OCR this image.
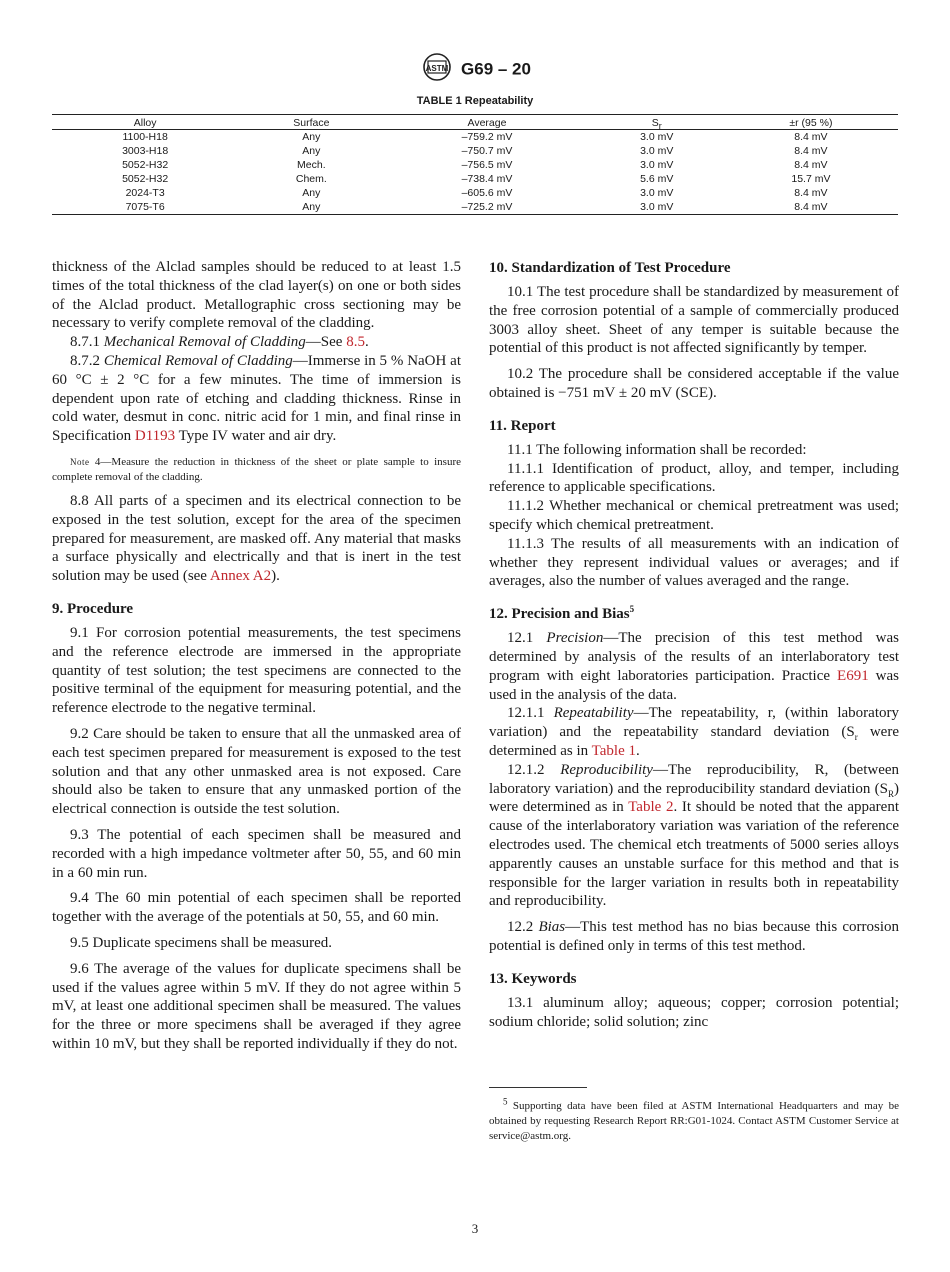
ASTM G69 – 20
TABLE 1 Repeatability
Alloy	Surface	Average	$S_r$	±r (95 %)
1100-H18	Any	–759.2 mV	3.0 mV	8.4 mV
3003-H18	Any	–750.7 mV	3.0 mV	8.4 mV
5052-H32	Mech.	–756.5 mV	3.0 mV	8.4 mV
5052-H32	Chem.	–738.4 mV	5.6 mV	15.7 mV
2024-T3	Any	–605.6 mV	3.0 mV	8.4 mV
7075-T6	Any	–725.2 mV	3.0 mV	8.4 mV

thickness of the Alclad samples should be reduced to at least 1.5 times of the total thickness of the clad layer(s) on one or both sides of the Alclad product. Metallographic cross sectioning may be necessary to verify complete removal of the cladding.

8.7.1 Mechanical Removal of Cladding—See 8.5.

8.7.2 Chemical Removal of Cladding—Immerse in 5 % NaOH at 60 °C ± 2 °C for a few minutes. The time of immersion is dependent upon rate of etching and cladding thickness. Rinse in cold water, desmut in conc. nitric acid for 1 min, and final rinse in Specification D1193 Type IV water and air dry.

Note 4—Measure the reduction in thickness of the sheet or plate sample to insure complete removal of the cladding.

8.8 All parts of a specimen and its electrical connection to be exposed in the test solution, except for the area of the specimen prepared for measurement, are masked off. Any material that masks a surface physically and electrically and that is inert in the test solution may be used (see Annex A2).

9. Procedure

9.1 For corrosion potential measurements, the test specimens and the reference electrode are immersed in the appropriate quantity of test solution; the test specimens are connected to the positive terminal of the equipment for measuring potential, and the reference electrode to the negative terminal.

9.2 Care should be taken to ensure that all the unmasked area of each test specimen prepared for measurement is exposed to the test solution and that any other unmasked area is not exposed. Care should also be taken to ensure that any unmasked portion of the electrical connection is outside the test solution.

9.3 The potential of each specimen shall be measured and recorded with a high impedance voltmeter after 50, 55, and 60 min in a 60 min run.

9.4 The 60 min potential of each specimen shall be reported together with the average of the potentials at 50, 55, and 60 min.

9.5 Duplicate specimens shall be measured.

9.6 The average of the values for duplicate specimens shall be used if the values agree within 5 mV. If they do not agree within 5 mV, at least one additional specimen shall be measured. The values for the three or more specimens shall be averaged if they agree within 10 mV, but they shall be reported individually if they do not.

10. Standardization of Test Procedure

10.1 The test procedure shall be standardized by measurement of the free corrosion potential of a sample of commercially produced 3003 alloy sheet. Sheet of any temper is suitable because the potential of this product is not affected significantly by temper.

10.2 The procedure shall be considered acceptable if the value obtained is −751 mV ± 20 mV (SCE).

11. Report

11.1 The following information shall be recorded:

11.1.1 Identification of product, alloy, and temper, including reference to applicable specifications.

11.1.2 Whether mechanical or chemical pretreatment was used; specify which chemical pretreatment.

11.1.3 The results of all measurements with an indication of whether they represent individual values or averages; and if averages, also the number of values averaged and the range.

12. Precision and Bias$^5$

12.1 Precision—The precision of this test method was determined by analysis of the results of an interlaboratory test program with eight laboratories participation. Practice E691 was used in the analysis of the data.

12.1.1 Repeatability—The repeatability, r, (within laboratory variation) and the repeatability standard deviation ($S_r$ were determined as in Table 1.

12.1.2 Reproducibility—The reproducibility, R, (between laboratory variation) and the reproducibility standard deviation $(S_R)$ were determined as in Table 2. It should be noted that the apparent cause of the interlaboratory variation was variation of the reference electrodes used. The chemical etch treatments of 5000 series alloys apparently causes an unstable surface for this method and that is responsible for the larger variation in results both in repeatability and reproducibility.

12.2 Bias—This test method has no bias because this corrosion potential is defined only in terms of this test method.

13. Keywords

13.1 aluminum alloy; aqueous; copper; corrosion potential; sodium chloride; solid solution; zinc

$^5$ Supporting data have been filed at ASTM International Headquarters and may be obtained by requesting Research Report RR:G01-1024. Contact ASTM Customer Service at service@astm.org.
3
